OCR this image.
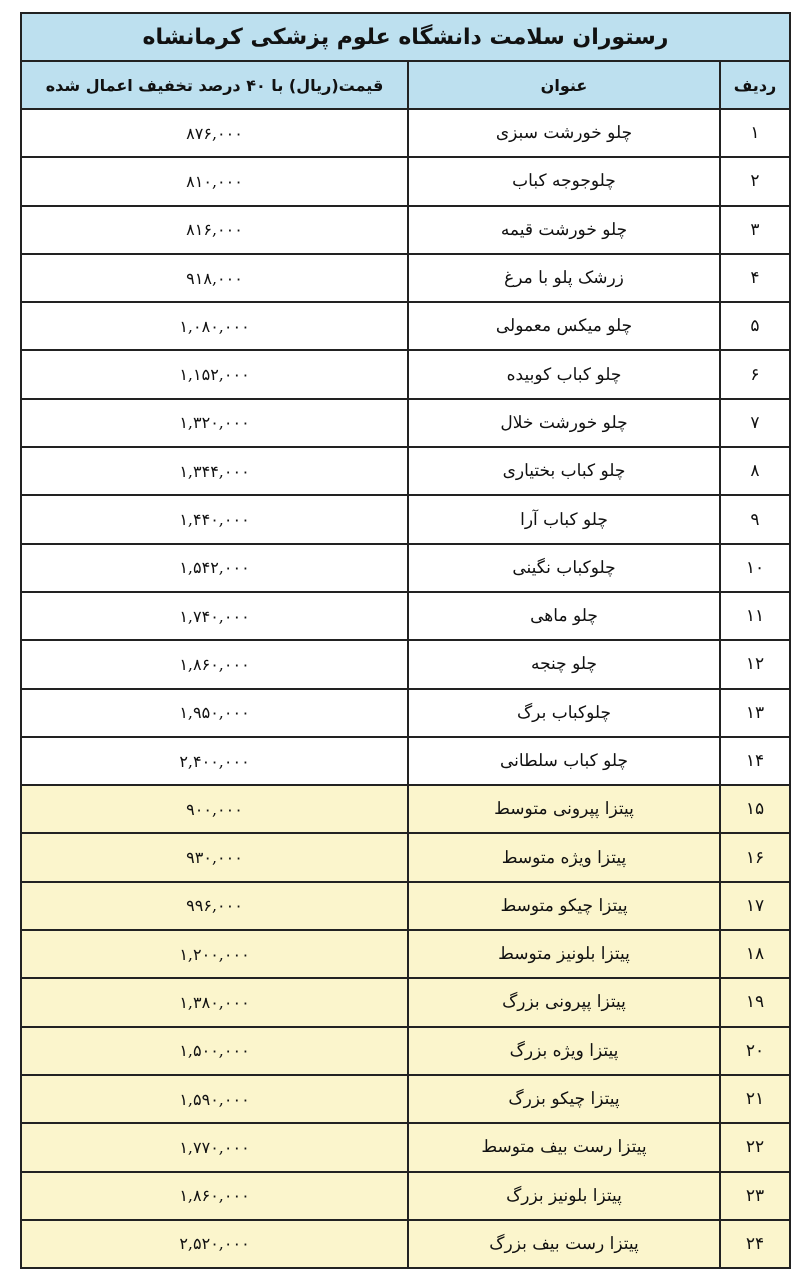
رستوران سلامت دانشگاه علوم پزشکی کرمانشاه		
ردیف	عنوان	قیمت(ریال) با ۴۰ درصد تخفیف اعمال شده
۱	چلو خورشت سبزی	۸۷۶,۰۰۰
۲	چلوجوجه کباب	۸۱۰,۰۰۰
۳	چلو خورشت قیمه	۸۱۶,۰۰۰
۴	زرشک پلو با مرغ	۹۱۸,۰۰۰
۵	چلو میکس معمولی	۱,۰۸۰,۰۰۰
۶	چلو کباب کوبیده	۱,۱۵۲,۰۰۰
۷	چلو خورشت خلال	۱,۳۲۰,۰۰۰
۸	چلو کباب بختیاری	۱,۳۴۴,۰۰۰
۹	چلو کباب آرا	۱,۴۴۰,۰۰۰
۱۰	چلوکباب نگینی	۱,۵۴۲,۰۰۰
۱۱	چلو ماهی	۱,۷۴۰,۰۰۰
۱۲	چلو چنجه	۱,۸۶۰,۰۰۰
۱۳	چلوکباب برگ	۱,۹۵۰,۰۰۰
۱۴	چلو کباب سلطانی	۲,۴۰۰,۰۰۰
۱۵	پیتزا پپرونی متوسط	۹۰۰,۰۰۰
۱۶	پیتزا ویژه متوسط	۹۳۰,۰۰۰
۱۷	پیتزا چیکو متوسط	۹۹۶,۰۰۰
۱۸	پیتزا بلونیز متوسط	۱,۲۰۰,۰۰۰
۱۹	پیتزا پپرونی بزرگ	۱,۳۸۰,۰۰۰
۲۰	پیتزا ویژه بزرگ	۱,۵۰۰,۰۰۰
۲۱	پیتزا چیکو بزرگ	۱,۵۹۰,۰۰۰
۲۲	پیتزا رست بیف متوسط	۱,۷۷۰,۰۰۰
۲۳	پیتزا بلونیز بزرگ	۱,۸۶۰,۰۰۰
۲۴	پیتزا رست بیف بزرگ	۲,۵۲۰,۰۰۰
